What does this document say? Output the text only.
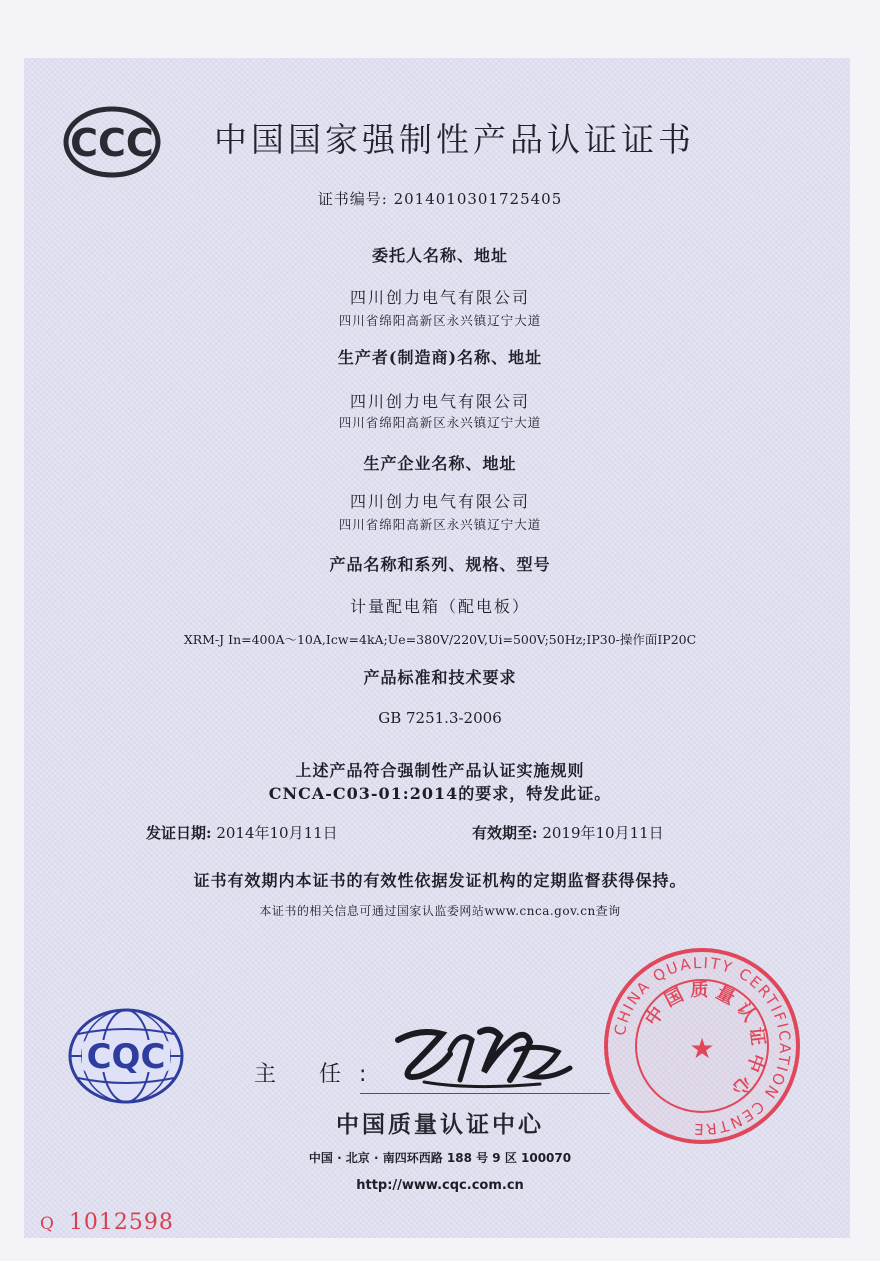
CCC 中国国家强制性产品认证证书
证书编号: 2014010301725405
委托人名称、地址
四川创力电气有限公司
四川省绵阳高新区永兴镇辽宁大道
生产者(制造商)名称、地址
四川创力电气有限公司
四川省绵阳高新区永兴镇辽宁大道
生产企业名称、地址
四川创力电气有限公司
四川省绵阳高新区永兴镇辽宁大道
产品名称和系列、规格、型号
计量配电箱（配电板）
XRM-J In=400A～10A,Icw=4kA;Ue=380V/220V,Ui=500V;50Hz;IP30-操作面IP20C
产品标准和技术要求
GB 7251.3-2006
上述产品符合强制性产品认证实施规则
CNCA-C03-01:2014的要求，特发此证。
发证日期: 2014年10月11日	有效期至: 2019年10月11日
证书有效期内本证书的有效性依据发证机构的定期监督获得保持。
本证书的相关信息可通过国家认监委网站www.cnca.gov.cn查询
CQC	主 任:
中国质量认证中心
中国 · 北京 · 南四环西路 188 号 9 区 100070
http://www.cqc.com.cn
CHINA QUALITY CERTIFICATION CENTRE
中国质量认证中心
★
Q 1012598
